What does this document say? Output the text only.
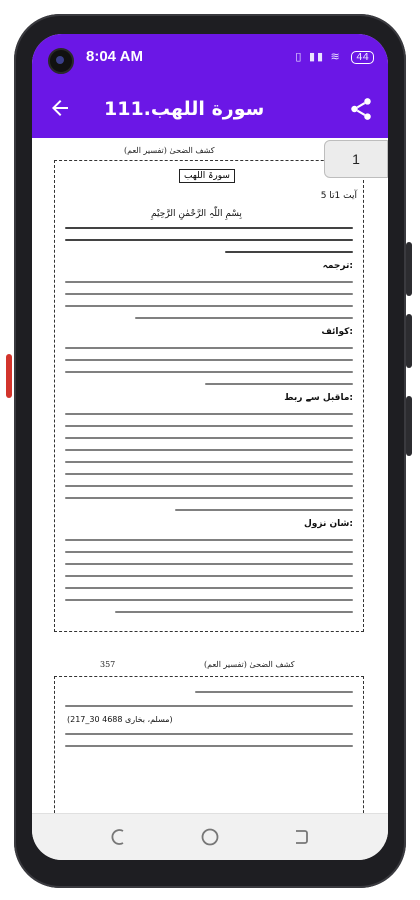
8:04 AM	▯ ▮▮ ≋ 44
111.سورة اللهب
کشف الضحیٰ (تفسیر العم)
سورۃ اللھب
آیت 1تا 5
بِسْمِ اللّٰہِ الرَّحْمٰنِ الرَّحِیْمِ
ترجمہ:
کوائف:
ماقبل سے ربط:
شان نزول:
1
357	کشف الضحیٰ (تفسیر العم)
(217_30 مسلم، بخاری 4688)
